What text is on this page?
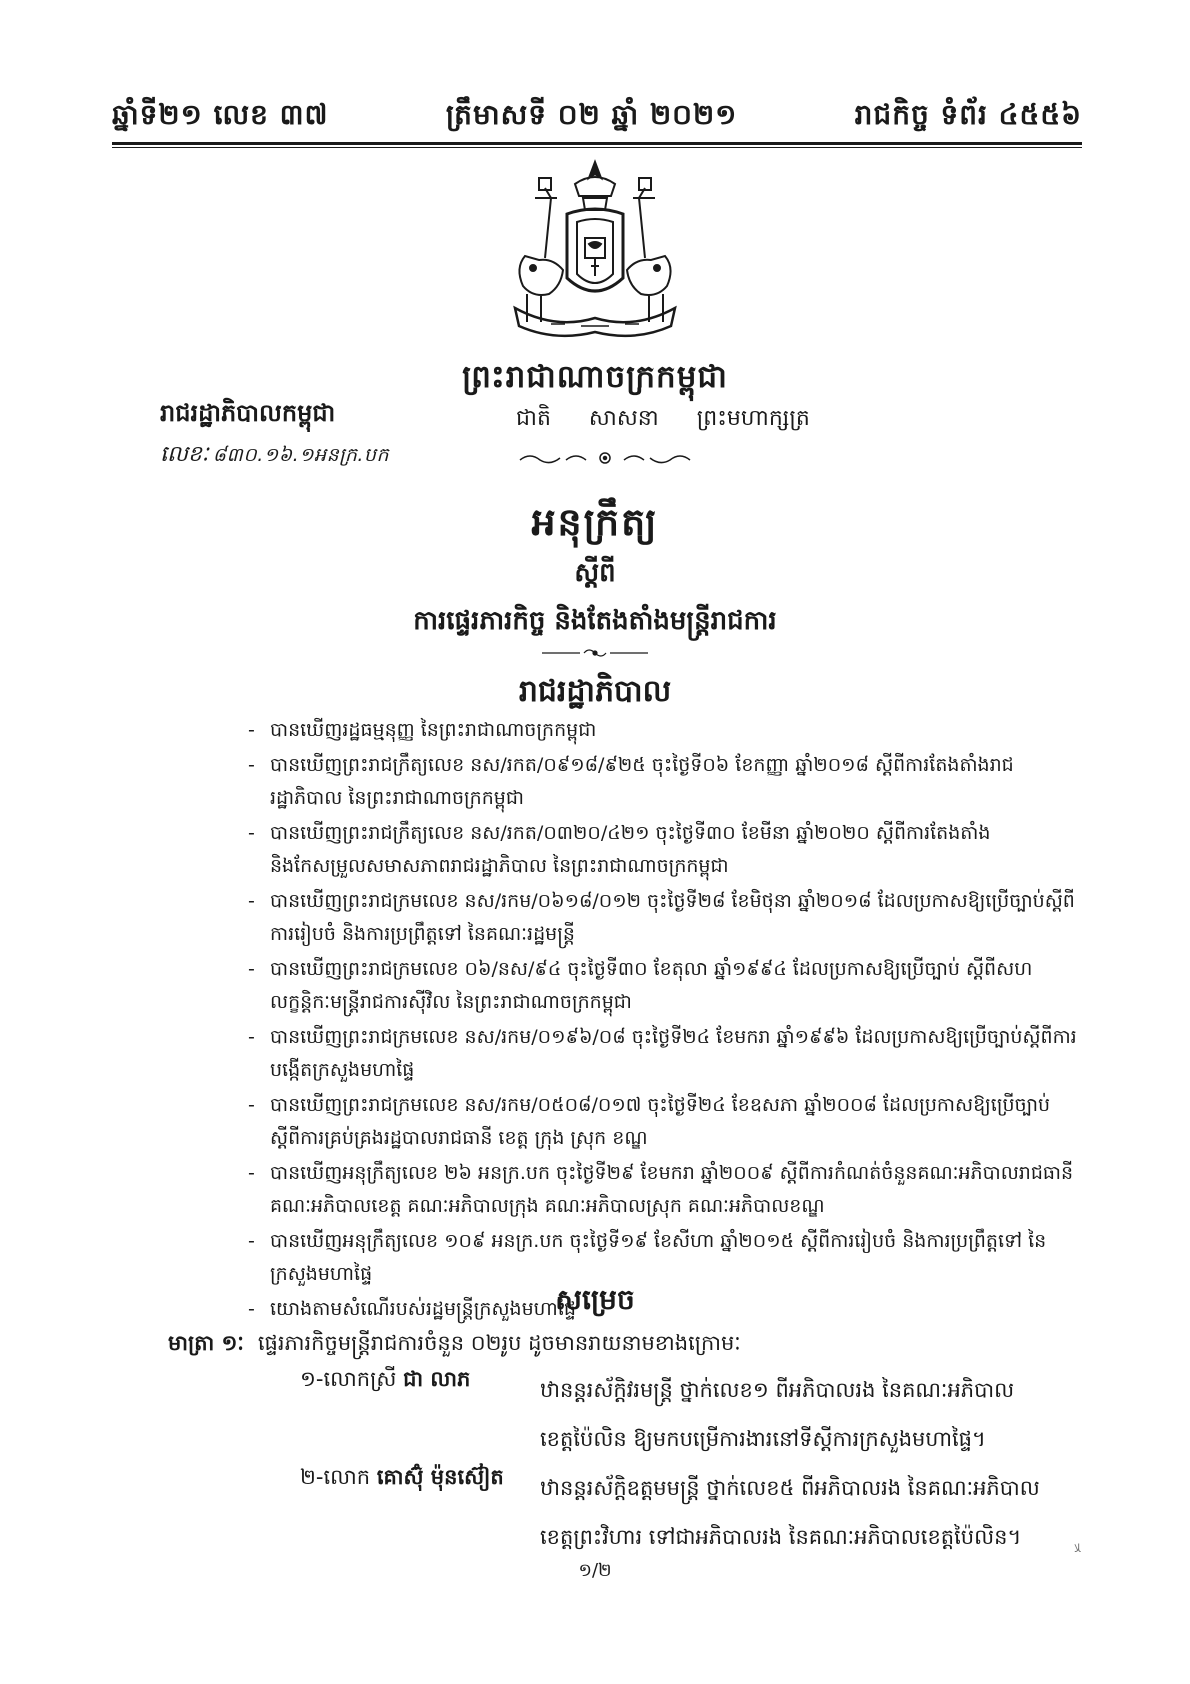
ឆ្នាំទី២១ លេខ ៣៧	ត្រឹមាសទី ០២ ឆ្នាំ ២០២១	រាជកិច្ច ទំព័រ ៤៥៥៦
ព្រះរាជាណាចក្រកម្ពុជា
ជាតិ សាសនា ព្រះមហាក្សត្រ
រាជរដ្ឋាភិបាលកម្ពុជា
លេខៈ ៨៣០.១៦.១អនក្រ.បក
អនុក្រឹត្យ
ស្ដីពី
ការផ្ទេរភារកិច្ច និងតែងតាំងមន្ត្រីរាជការ
រាជរដ្ឋាភិបាល
- បានឃើញរដ្ឋធម្មនុញ្ញ នៃព្រះរាជាណាចក្រកម្ពុជា
- បានឃើញព្រះរាជក្រឹត្យលេខ នស/រកត/០៩១៨/៩២៥ ចុះថ្ងៃទី០៦ ខែកញ្ញា ឆ្នាំ២០១៨ ស្ដីពីការតែងតាំងរាជរដ្ឋាភិបាល នៃព្រះរាជាណាចក្រកម្ពុជា
- បានឃើញព្រះរាជក្រឹត្យលេខ នស/រកត/០៣២០/៤២១ ចុះថ្ងៃទី៣០ ខែមីនា ឆ្នាំ២០២០ ស្ដីពីការតែងតាំង និងកែសម្រួលសមាសភាពរាជរដ្ឋាភិបាល នៃព្រះរាជាណាចក្រកម្ពុជា
- បានឃើញព្រះរាជក្រមលេខ នស/រកម/០៦១៨/០១២ ចុះថ្ងៃទី២៨ ខែមិថុនា ឆ្នាំ២០១៨ ដែលប្រកាសឱ្យប្រើច្បាប់ស្ដីពីការរៀបចំ និងការប្រព្រឹត្តទៅ នៃគណៈរដ្ឋមន្ត្រី
- បានឃើញព្រះរាជក្រមលេខ ០៦/នស/៩៤ ចុះថ្ងៃទី៣០ ខែតុលា ឆ្នាំ១៩៩៤ ដែលប្រកាសឱ្យប្រើច្បាប់ ស្ដីពីសហលក្ខន្តិកៈមន្ត្រីរាជការស៊ីវិល នៃព្រះរាជាណាចក្រកម្ពុជា
- បានឃើញព្រះរាជក្រមលេខ នស/រកម/០១៩៦/០៨ ចុះថ្ងៃទី២៤ ខែមករា ឆ្នាំ១៩៩៦ ដែលប្រកាសឱ្យប្រើច្បាប់ស្ដីពីការបង្កើតក្រសួងមហាផ្ទៃ
- បានឃើញព្រះរាជក្រមលេខ នស/រកម/០៥០៨/០១៧ ចុះថ្ងៃទី២៤ ខែឧសភា ឆ្នាំ២០០៨ ដែលប្រកាសឱ្យប្រើច្បាប់ស្ដីពីការគ្រប់គ្រងរដ្ឋបាលរាជធានី ខេត្ត ក្រុង ស្រុក ខណ្ឌ
- បានឃើញអនុក្រឹត្យលេខ ២៦ អនក្រ.បក ចុះថ្ងៃទី២៩ ខែមករា ឆ្នាំ២០០៩ ស្ដីពីការកំណត់ចំនួនគណៈអភិបាលរាជធានី គណៈអភិបាលខេត្ត គណៈអភិបាលក្រុង គណៈអភិបាលស្រុក គណៈអភិបាលខណ្ឌ
- បានឃើញអនុក្រឹត្យលេខ ១០៩ អនក្រ.បក ចុះថ្ងៃទី១៩ ខែសីហា ឆ្នាំ២០១៥ ស្ដីពីការរៀបចំ និងការប្រព្រឹត្តទៅ នៃក្រសួងមហាផ្ទៃ
- យោងតាមសំណើរបស់រដ្ឋមន្ត្រីក្រសួងមហាផ្ទៃ
សម្រេច
មាត្រា ១ៈ ផ្ទេរភារកិច្ចមន្ត្រីរាជការចំនួន ០២រូប ដូចមានរាយនាមខាងក្រោមៈ
១-លោកស្រី ជា លាភ	ឋានន្តរស័ក្តិវរមន្ត្រី ថ្នាក់លេខ១ ពីអភិបាលរង នៃគណៈអភិបាល
ខេត្តប៉ៃលិន ឱ្យមកបម្រើការងារនៅទីស្ដីការក្រសួងមហាផ្ទៃ។
២-លោក គោស៊ុំ ម៉ុនស៊ៀត	ឋានន្តរស័ក្តិឧត្តមមន្ត្រី ថ្នាក់លេខ៥ ពីអភិបាលរង នៃគណៈអភិបាល
ខេត្តព្រះវិហារ ទៅជាអភិបាលរង នៃគណៈអភិបាលខេត្តប៉ៃលិន។
១/២
ﻼ
